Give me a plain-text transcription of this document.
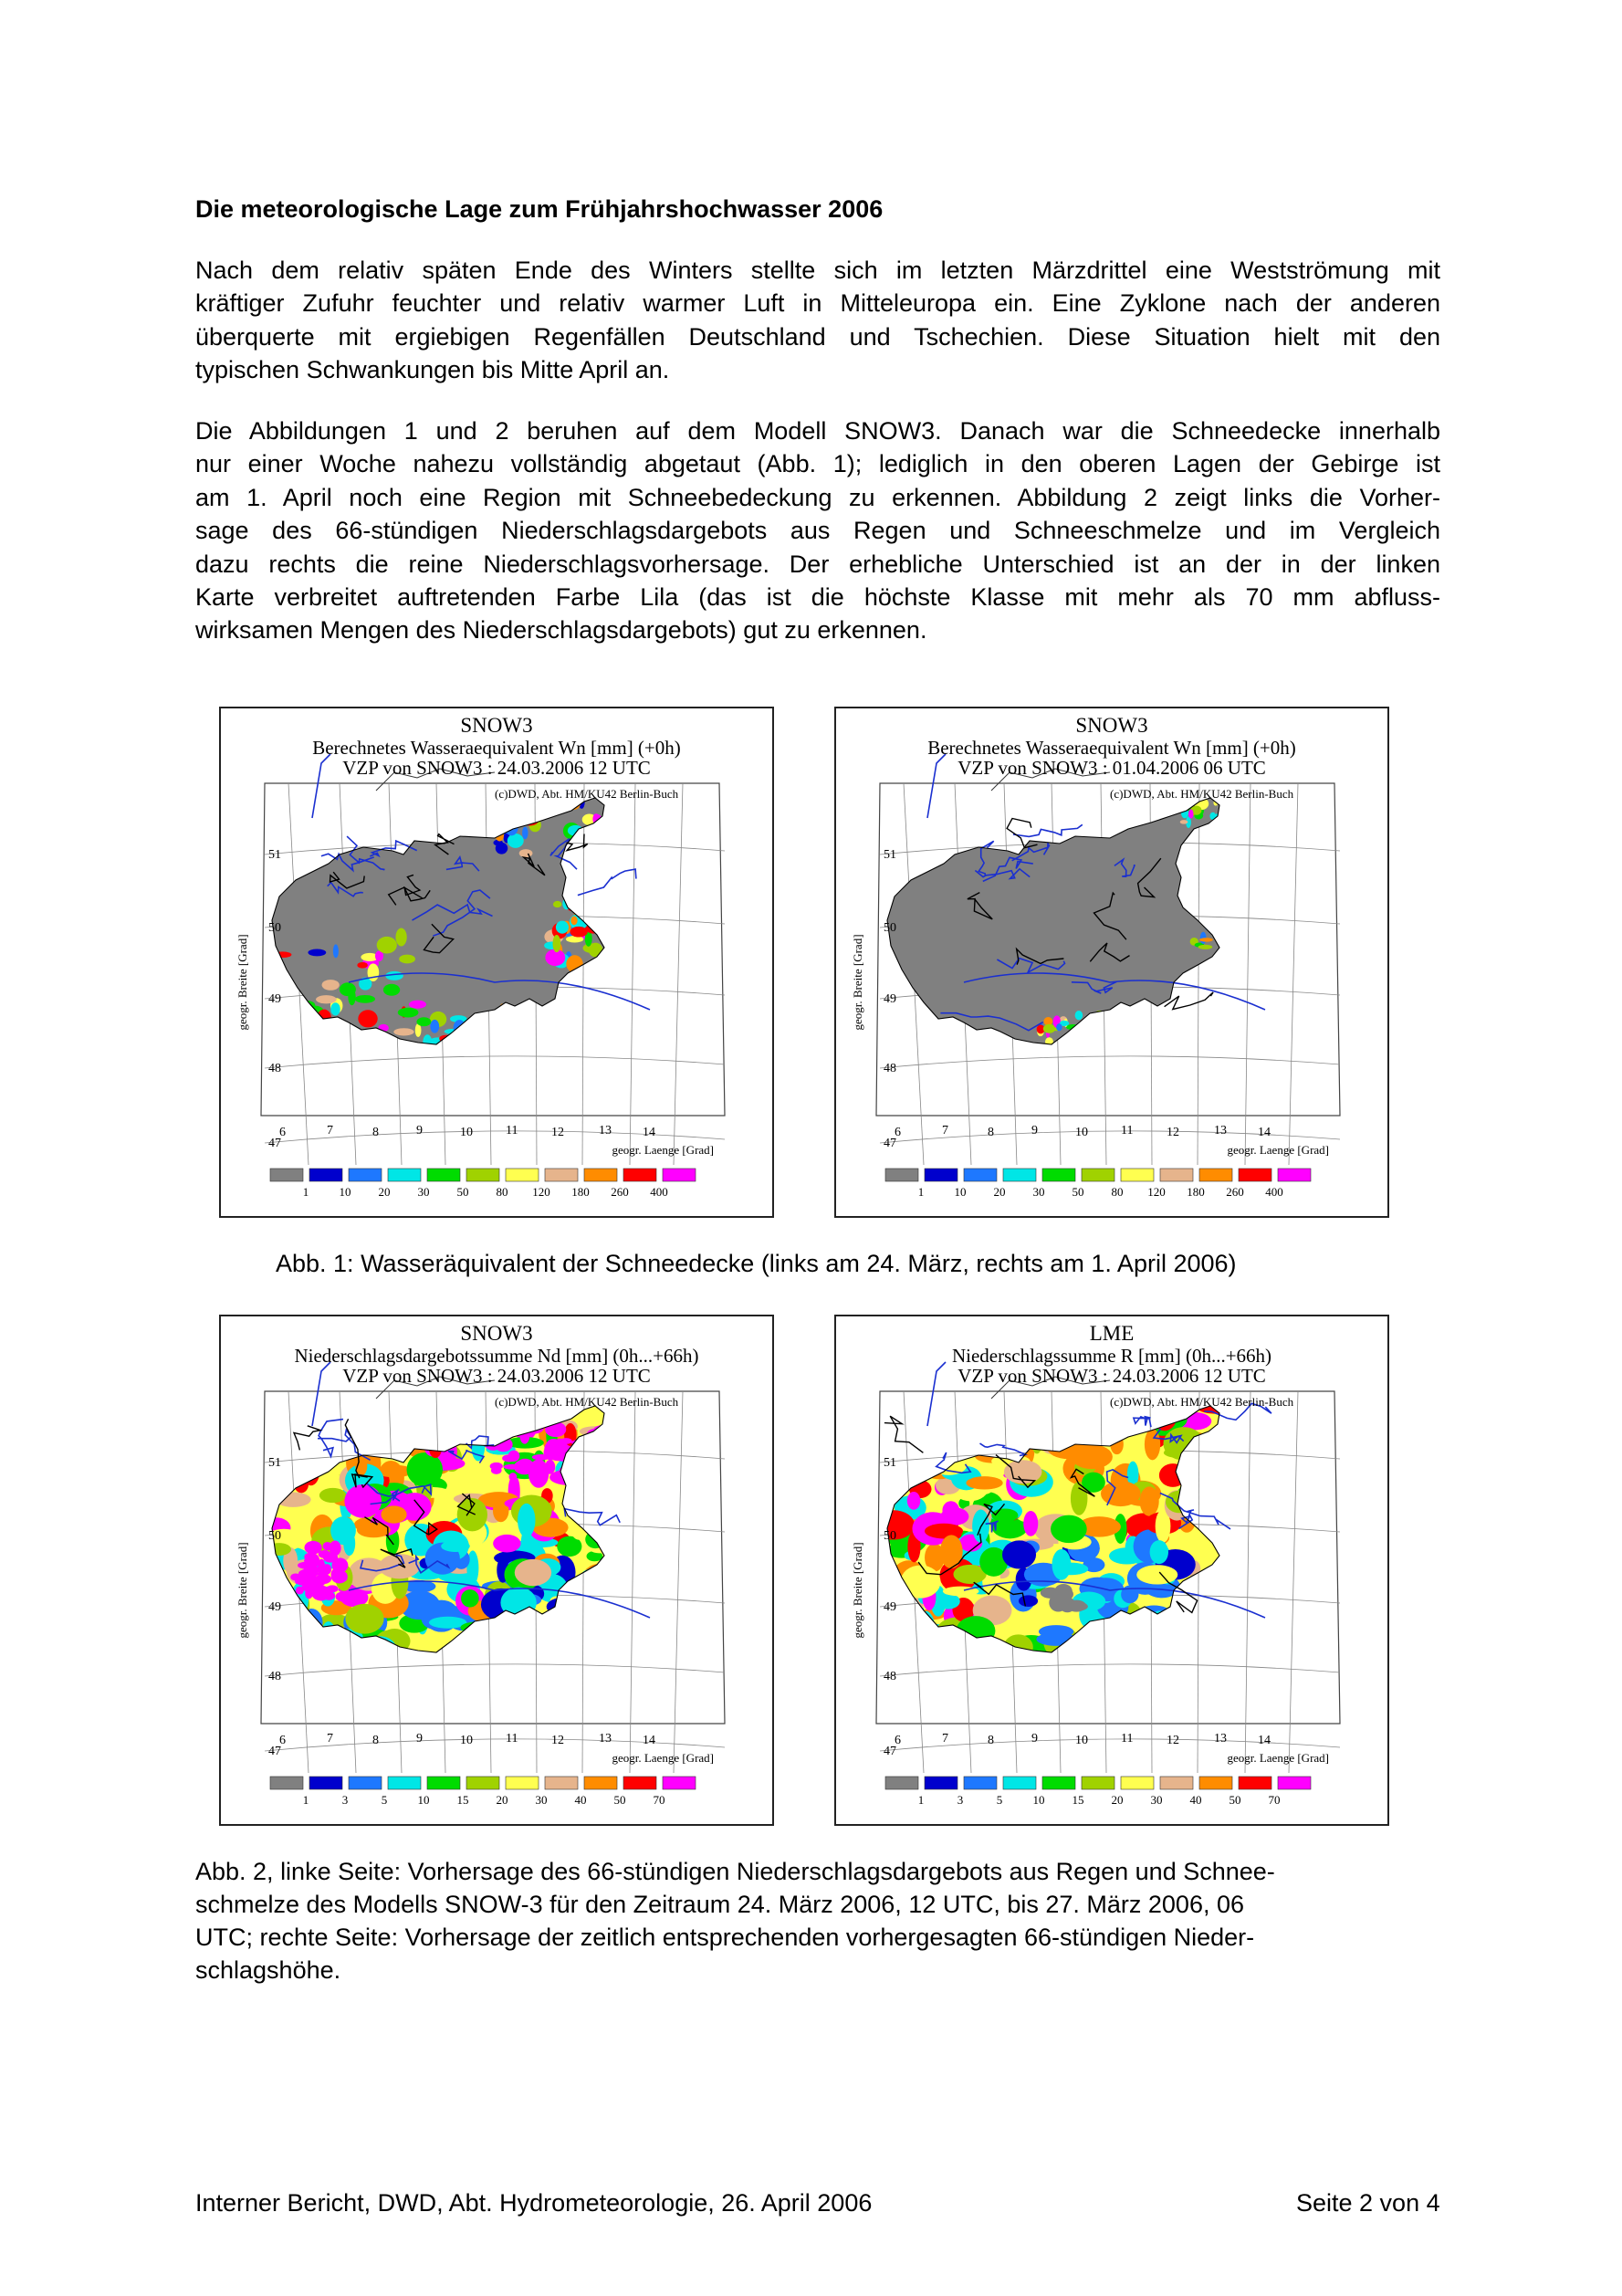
Die meteorologische Lage zum Frühjahrshochwasser 2006
Nach dem relativ späten Ende des Winters stellte sich im letzten Märzdrittel eine Westströmung mit
kräftiger Zufuhr feuchter und relativ warmer Luft in Mitteleuropa ein. Eine Zyklone nach der anderen
überquerte mit ergiebigen Regenfällen Deutschland und Tschechien. Diese Situation hielt mit den
typischen Schwankungen bis Mitte April an.
Die Abbildungen 1 und 2 beruhen auf dem Modell SNOW3. Danach war die Schneedecke innerhalb
nur einer Woche nahezu vollständig abgetaut (Abb. 1); lediglich in den oberen Lagen der Gebirge ist
am 1. April noch eine Region mit Schneebedeckung zu erkennen. Abbildung 2 zeigt links die Vorher-
sage des 66-stündigen Niederschlagsdargebots aus Regen und Schneeschmelze und im Vergleich
dazu rechts die reine Niederschlagsvorhersage. Der erhebliche Unterschied ist an der in der linken
Karte verbreitet auftretenden Farbe Lila (das ist die höchste Klasse mit mehr als 70 mm abfluss-
wirksamen Mengen des Niederschlagsdargebots) gut zu erkennen.
(c)DWD, Abt. HM/KU42 Berlin-Buch
51
50
49
48
47
geogr. Breite [Grad]
6	7	8	9	10	11	12	13 14
geogr. Laenge [Grad]
1	10 20 30 50 80 120 180 260 400
SNOW3
Berechnetes Wasseraequivalent Wn [mm] (+0h)
VZP von SNOW3 : 24.03.2006 12 UTC
(c)DWD, Abt. HM/KU42 Berlin-Buch
51
50
49
48
47
geogr. Breite [Grad]
6	7	8	9	10	11	12	13 14
geogr. Laenge [Grad]
1	10 20 30 50 80 120 180 260 400
SNOW3
Berechnetes Wasseraequivalent Wn [mm] (+0h)
VZP von SNOW3 : 01.04.2006 06 UTC
Abb. 1: Wasseräquivalent der Schneedecke (links am 24. März, rechts am 1. April 2006)
(c)DWD, Abt. HM/KU42 Berlin-Buch
51
50
49
48
47
geogr. Breite [Grad]
6	7	8	9	10	11	12	13 14
geogr. Laenge [Grad]
1	3	5	10 15 20 30 40 50 70
SNOW3
Niederschlagsdargebotssumme Nd [mm] (0h...+66h)
VZP von SNOW3 : 24.03.2006 12 UTC
(c)DWD, Abt. HM/KU42 Berlin-Buch
51
50
49
48
47
geogr. Breite [Grad]
6	7	8	9	10	11	12	13 14
geogr. Laenge [Grad]
1	3	5	10 15 20 30 40 50 70
LME
Niederschlagssumme R [mm] (0h...+66h)
VZP von SNOW3 : 24.03.2006 12 UTC
Abb. 2, linke Seite: Vorhersage des 66-stündigen Niederschlagsdargebots aus Regen und Schnee-
schmelze des Modells SNOW-3 für den Zeitraum 24. März 2006, 12 UTC, bis 27. März 2006, 06
UTC; rechte Seite: Vorhersage der zeitlich entsprechenden vorhergesagten 66-stündigen Nieder-
schlagshöhe.
Interner Bericht, DWD, Abt. Hydrometeorologie, 26. April 2006	Seite 2 von 4
